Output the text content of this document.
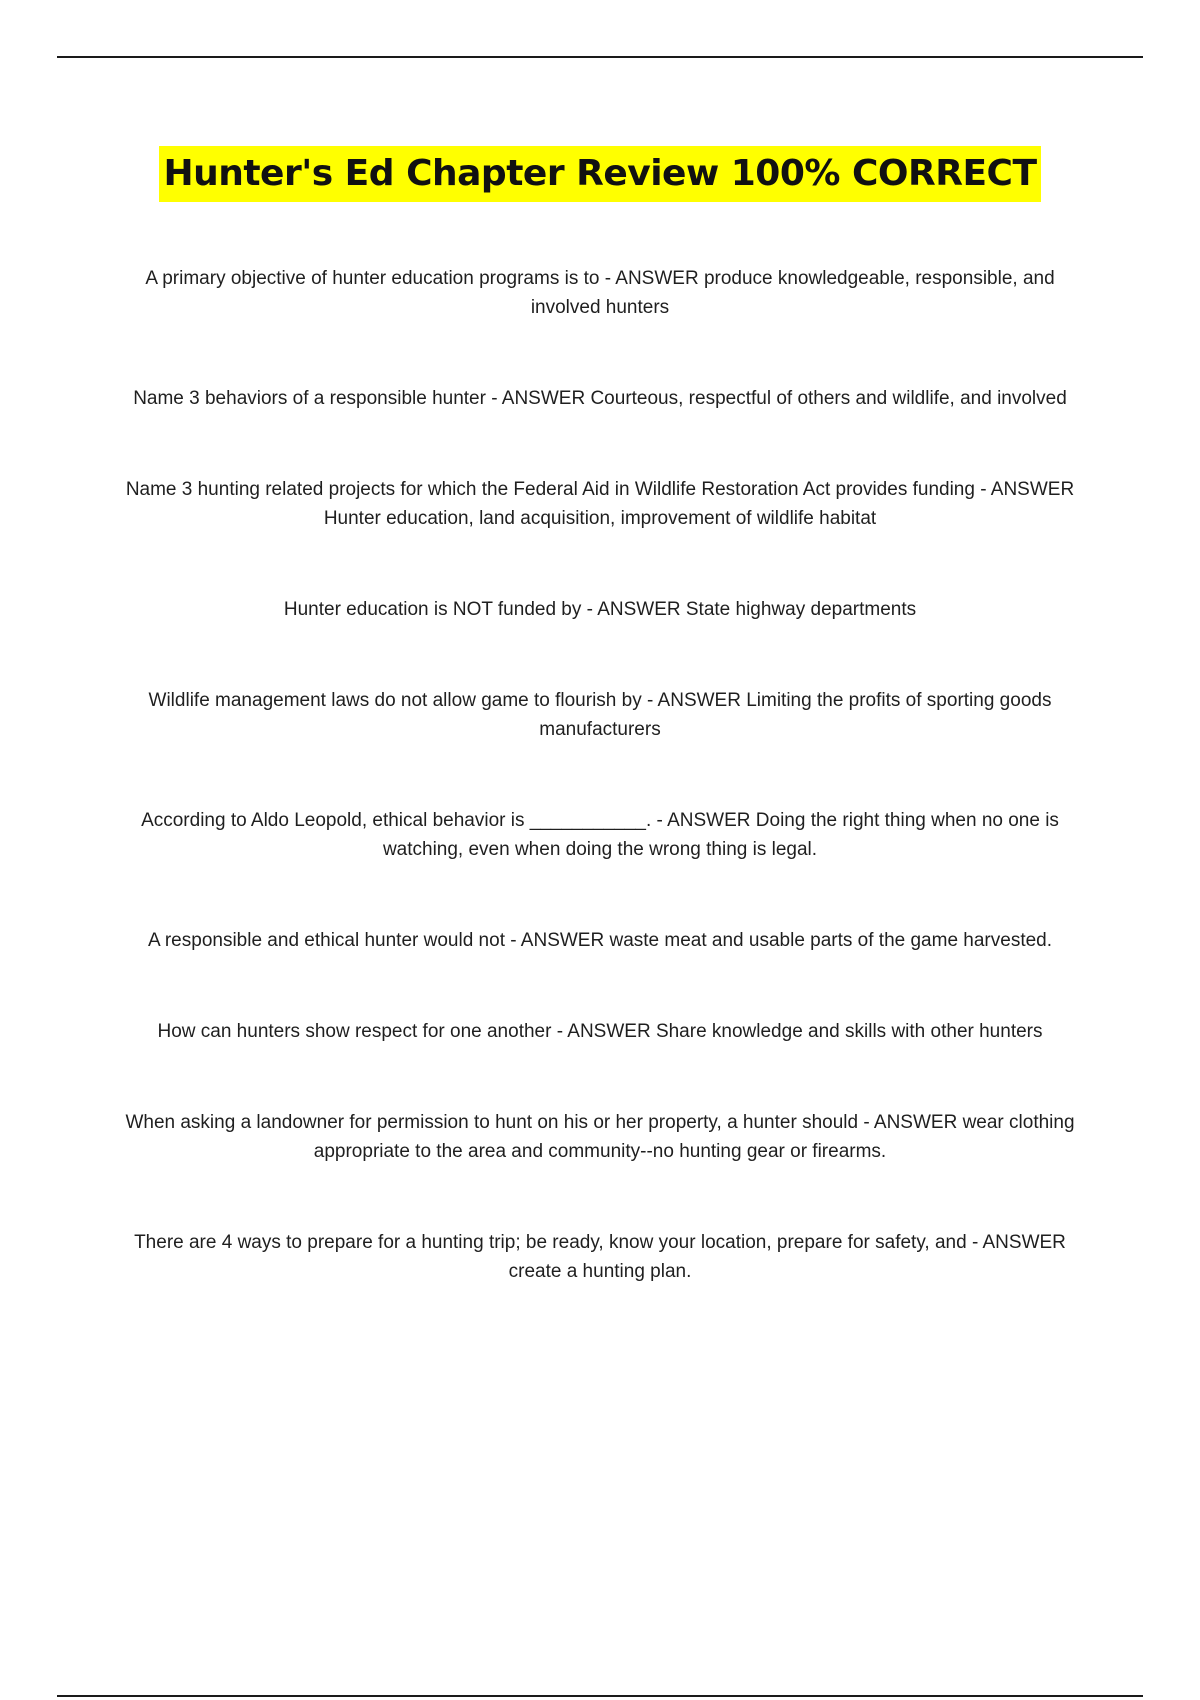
Hunter's Ed Chapter Review 100% CORRECT
A primary objective of hunter education programs is to - ANSWER produce knowledgeable, responsible, and involved hunters
Name 3 behaviors of a responsible hunter - ANSWER Courteous, respectful of others and wildlife, and involved
Name 3 hunting related projects for which the Federal Aid in Wildlife Restoration Act provides funding - ANSWER Hunter education, land acquisition, improvement of wildlife habitat
Hunter education is NOT funded by - ANSWER State highway departments
Wildlife management laws do not allow game to flourish by - ANSWER Limiting the profits of sporting goods manufacturers
According to Aldo Leopold, ethical behavior is ___________. - ANSWER Doing the right thing when no one is watching, even when doing the wrong thing is legal.
A responsible and ethical hunter would not - ANSWER waste meat and usable parts of the game harvested.
How can hunters show respect for one another - ANSWER Share knowledge and skills with other hunters
When asking a landowner for permission to hunt on his or her property, a hunter should - ANSWER wear clothing appropriate to the area and community--no hunting gear or firearms.
There are 4 ways to prepare for a hunting trip; be ready, know your location, prepare for safety, and - ANSWER create a hunting plan.
